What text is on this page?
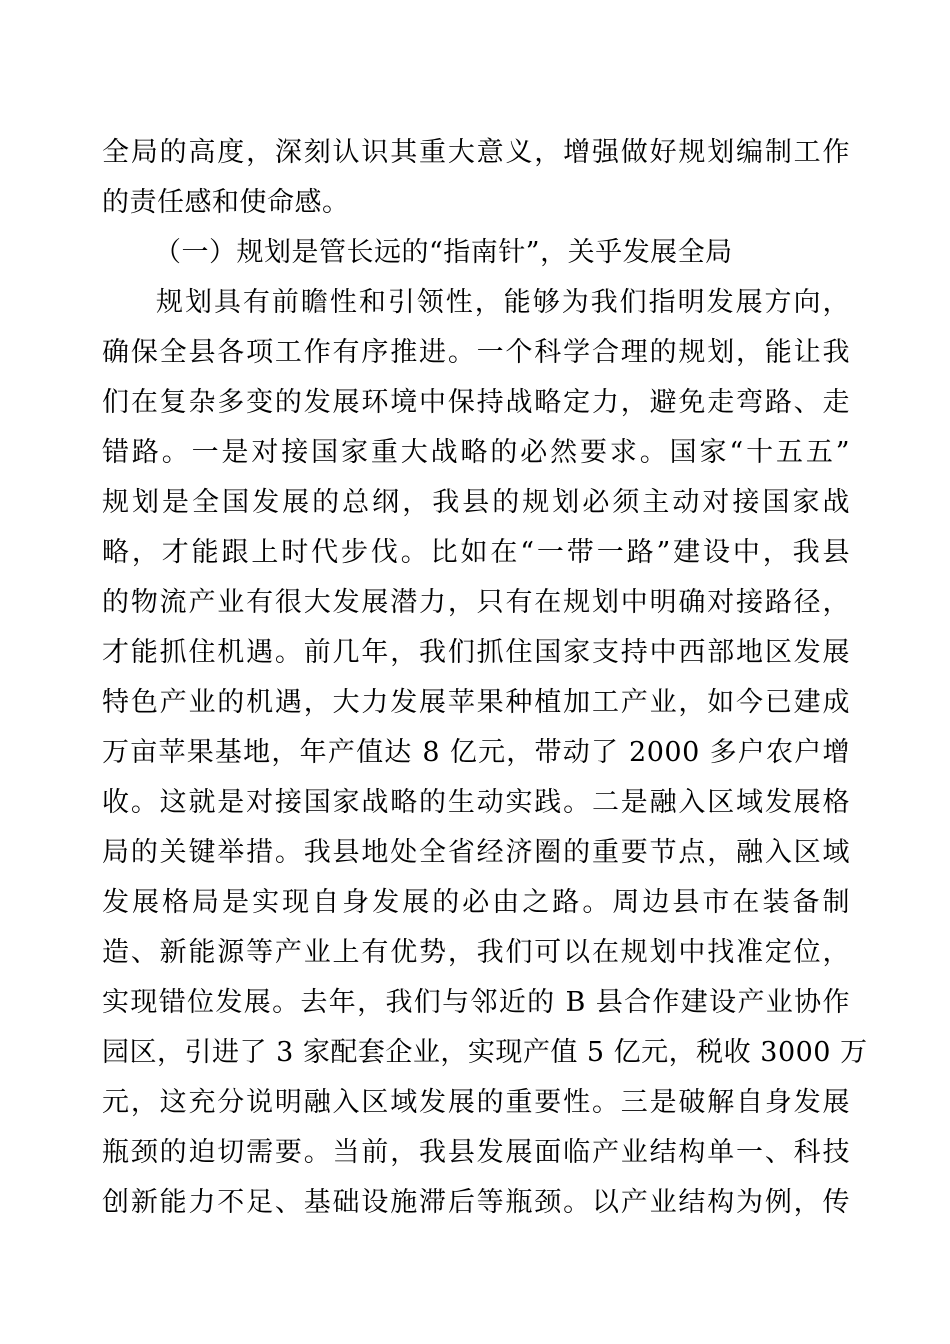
全局的高度，深刻认识其重大意义，增强做好规划编制工作
的责任感和使命感。
（一）规划是管长远的“指南针”，关乎发展全局
规划具有前瞻性和引领性，能够为我们指明发展方向，
确保全县各项工作有序推进。一个科学合理的规划，能让我
们在复杂多变的发展环境中保持战略定力，避免走弯路、走
错路。一是对接国家重大战略的必然要求。国家“十五五”
规划是全国发展的总纲，我县的规划必须主动对接国家战
略，才能跟上时代步伐。比如在“一带一路”建设中，我县
的物流产业有很大发展潜力，只有在规划中明确对接路径，
才能抓住机遇。前几年，我们抓住国家支持中西部地区发展
特色产业的机遇，大力发展苹果种植加工产业，如今已建成
万亩苹果基地，年产值达 8 亿元，带动了 2000 多户农户增
收。这就是对接国家战略的生动实践。二是融入区域发展格
局的关键举措。我县地处全省经济圈的重要节点，融入区域
发展格局是实现自身发展的必由之路。周边县市在装备制
造、新能源等产业上有优势，我们可以在规划中找准定位，
实现错位发展。去年，我们与邻近的 B 县合作建设产业协作
园区，引进了 3 家配套企业，实现产值 5 亿元，税收 3000 万
元，这充分说明融入区域发展的重要性。三是破解自身发展
瓶颈的迫切需要。当前，我县发展面临产业结构单一、科技
创新能力不足、基础设施滞后等瓶颈。以产业结构为例，传
